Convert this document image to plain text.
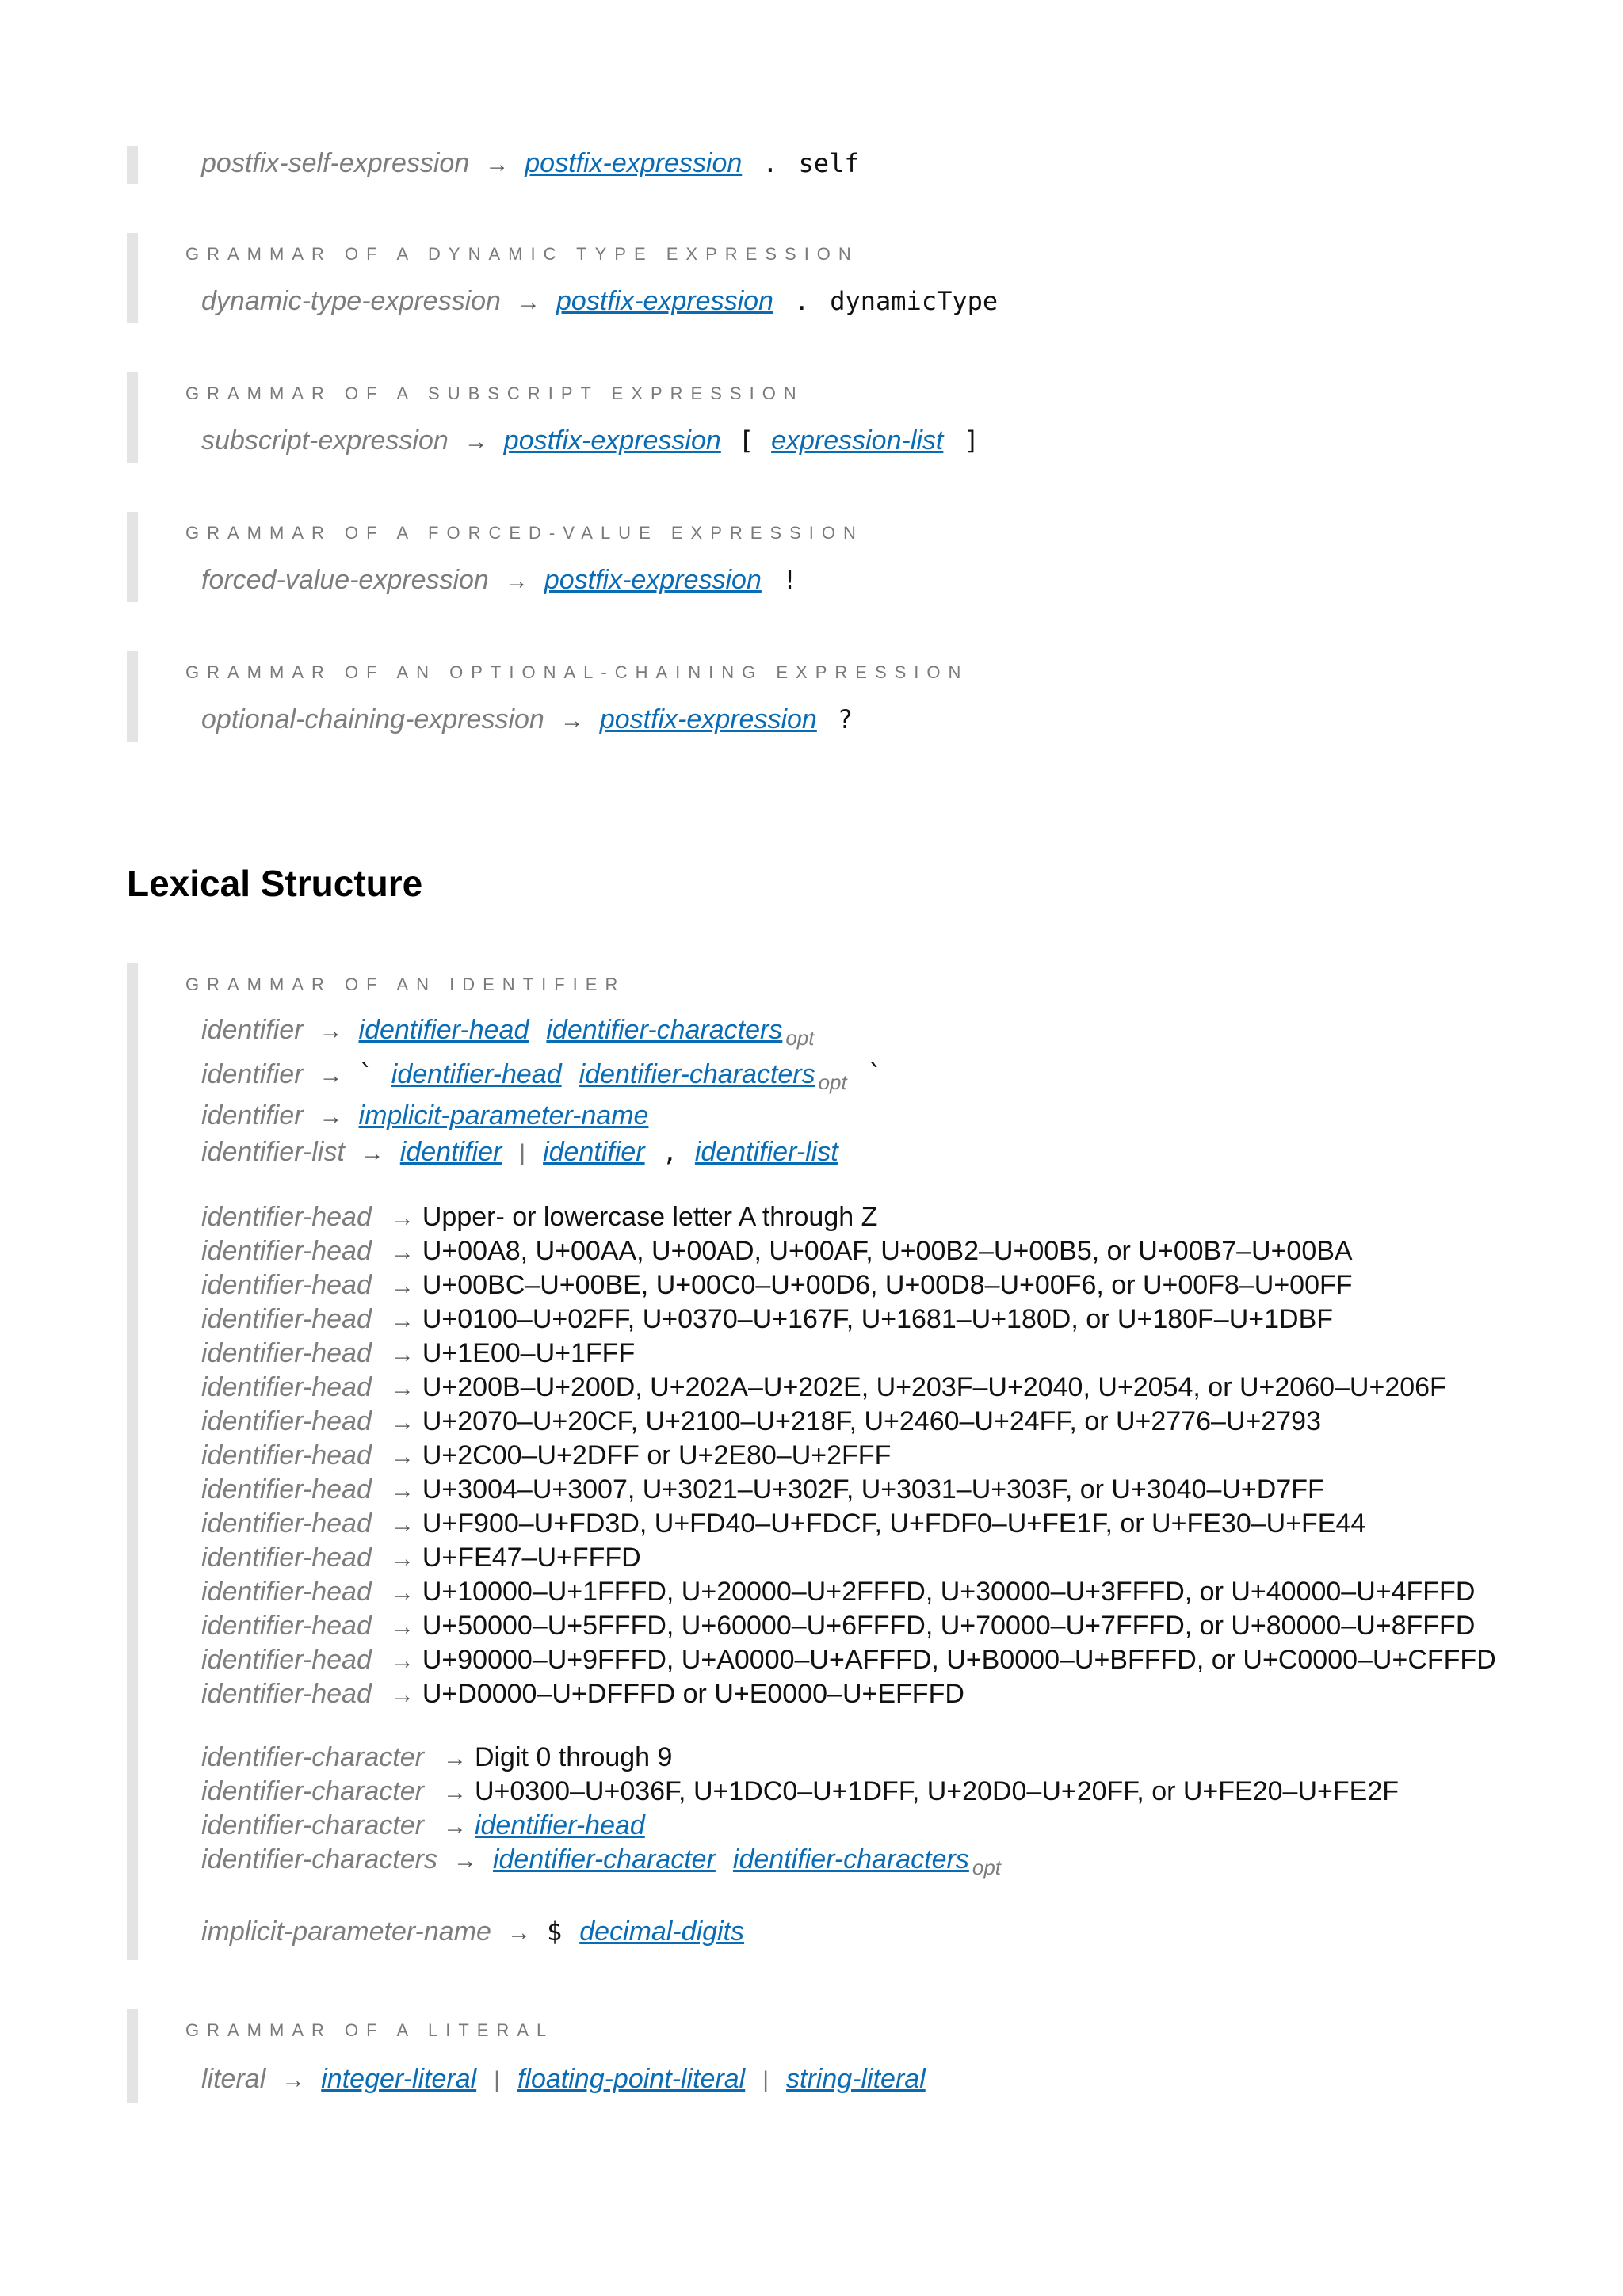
postfix-self-expression → postfix-expression . self
GRAMMAR OF A DYNAMIC TYPE EXPRESSION
dynamic-type-expression → postfix-expression . dynamicType
GRAMMAR OF A SUBSCRIPT EXPRESSION
subscript-expression → postfix-expression [ expression-list ]
GRAMMAR OF A FORCED-VALUE EXPRESSION
forced-value-expression → postfix-expression !
GRAMMAR OF AN OPTIONAL-CHAINING EXPRESSION
optional-chaining-expression → postfix-expression ?
Lexical Structure
GRAMMAR OF AN IDENTIFIER
identifier → identifier-head identifier-characters $_{opt}$
identifier → ` identifier-head identifier-characters $_{opt}$ `
identifier → implicit-parameter-name
identifier-list → identifier | identifier , identifier-list
identifier-head → Upper- or lowercase letter A through Z
identifier-head → U+00A8, U+00AA, U+00AD, U+00AF, U+00B2–U+00B5, or U+00B7–U+00BA
identifier-head → U+00BC–U+00BE, U+00C0–U+00D6, U+00D8–U+00F6, or U+00F8–U+00FF
identifier-head → U+0100–U+02FF, U+0370–U+167F, U+1681–U+180D, or U+180F–U+1DBF
identifier-head → U+1E00–U+1FFF
identifier-head → U+200B–U+200D, U+202A–U+202E, U+203F–U+2040, U+2054, or U+2060–U+206F
identifier-head → U+2070–U+20CF, U+2100–U+218F, U+2460–U+24FF, or U+2776–U+2793
identifier-head → U+2C00–U+2DFF or U+2E80–U+2FFF
identifier-head → U+3004–U+3007, U+3021–U+302F, U+3031–U+303F, or U+3040–U+D7FF
identifier-head → U+F900–U+FD3D, U+FD40–U+FDCF, U+FDF0–U+FE1F, or U+FE30–U+FE44
identifier-head → U+FE47–U+FFFD
identifier-head → U+10000–U+1FFFD, U+20000–U+2FFFD, U+30000–U+3FFFD, or U+40000–U+4FFFD
identifier-head → U+50000–U+5FFFD, U+60000–U+6FFFD, U+70000–U+7FFFD, or U+80000–U+8FFFD
identifier-head → U+90000–U+9FFFD, U+A0000–U+AFFFD, U+B0000–U+BFFFD, or U+C0000–U+CFFFD
identifier-head → U+D0000–U+DFFFD or U+E0000–U+EFFFD
identifier-character → Digit 0 through 9
identifier-character → U+0300–U+036F, U+1DC0–U+1DFF, U+20D0–U+20FF, or U+FE20–U+FE2F
identifier-character → identifier-head
identifier-characters → identifier-character identifier-characters $_{opt}$
implicit-parameter-name → $ decimal-digits
GRAMMAR OF A LITERAL
literal → integer-literal | floating-point-literal | string-literal
